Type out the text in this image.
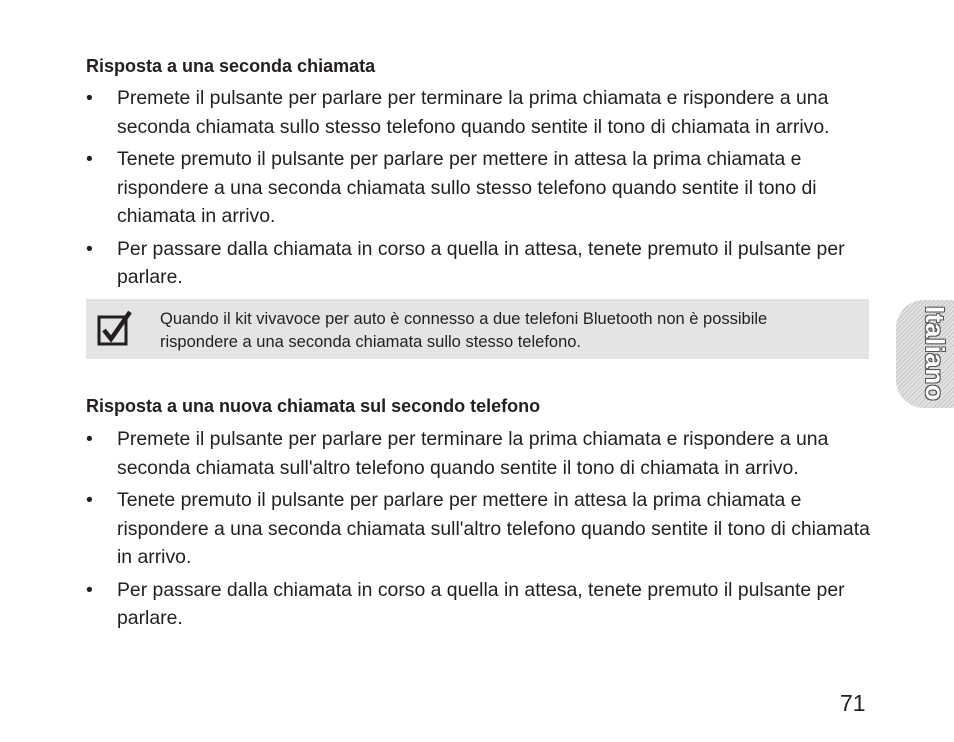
Risposta a una seconda chiamata
• Premete il pulsante per parlare per terminare la prima chiamata e rispondere a una seconda chiamata sullo stesso telefono quando sentite il tono di chiamata in arrivo.
• Tenete premuto il pulsante per parlare per mettere in attesa la prima chiamata e rispondere a una seconda chiamata sullo stesso telefono quando sentite il tono di chiamata in arrivo.
• Per passare dalla chiamata in corso a quella in attesa, tenete premuto il pulsante per parlare.
Quando il kit vivavoce per auto è connesso a due telefoni Bluetooth non è possibile rispondere a una seconda chiamata sullo stesso telefono.
Risposta a una nuova chiamata sul secondo telefono
• Premete il pulsante per parlare per terminare la prima chiamata e rispondere a una seconda chiamata sull'altro telefono quando sentite il tono di chiamata in arrivo.
• Tenete premuto il pulsante per parlare per mettere in attesa la prima chiamata e rispondere a una seconda chiamata sull'altro telefono quando sentite il tono di chiamata in arrivo.
• Per passare dalla chiamata in corso a quella in attesa, tenete premuto il pulsante per parlare.
Italiano
71
